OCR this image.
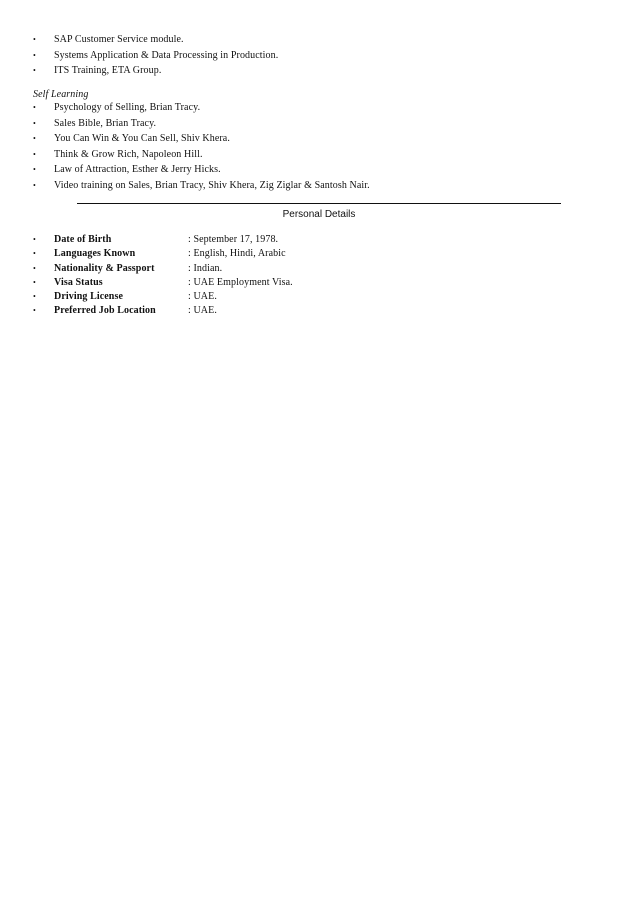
•	SAP Customer Service module.
•	Systems Application & Data Processing in Production.
•	ITS Training, ETA Group.
Self Learning
•	Psychology of Selling, Brian Tracy.
•	Sales Bible, Brian Tracy.
•	You Can Win & You Can Sell, Shiv Khera.
•	Think & Grow Rich, Napoleon Hill.
•	Law of Attraction, Esther & Jerry Hicks.
•	Video training on Sales, Brian Tracy, Shiv Khera, Zig Ziglar & Santosh Nair.
Personal Details
•	Date of Birth	: September 17, 1978.
•	Languages Known	: English, Hindi, Arabic
•	Nationality & Passport	: Indian.
•	Visa Status	: UAE Employment Visa.
•	Driving License	: UAE.
•	Preferred Job Location	: UAE.
